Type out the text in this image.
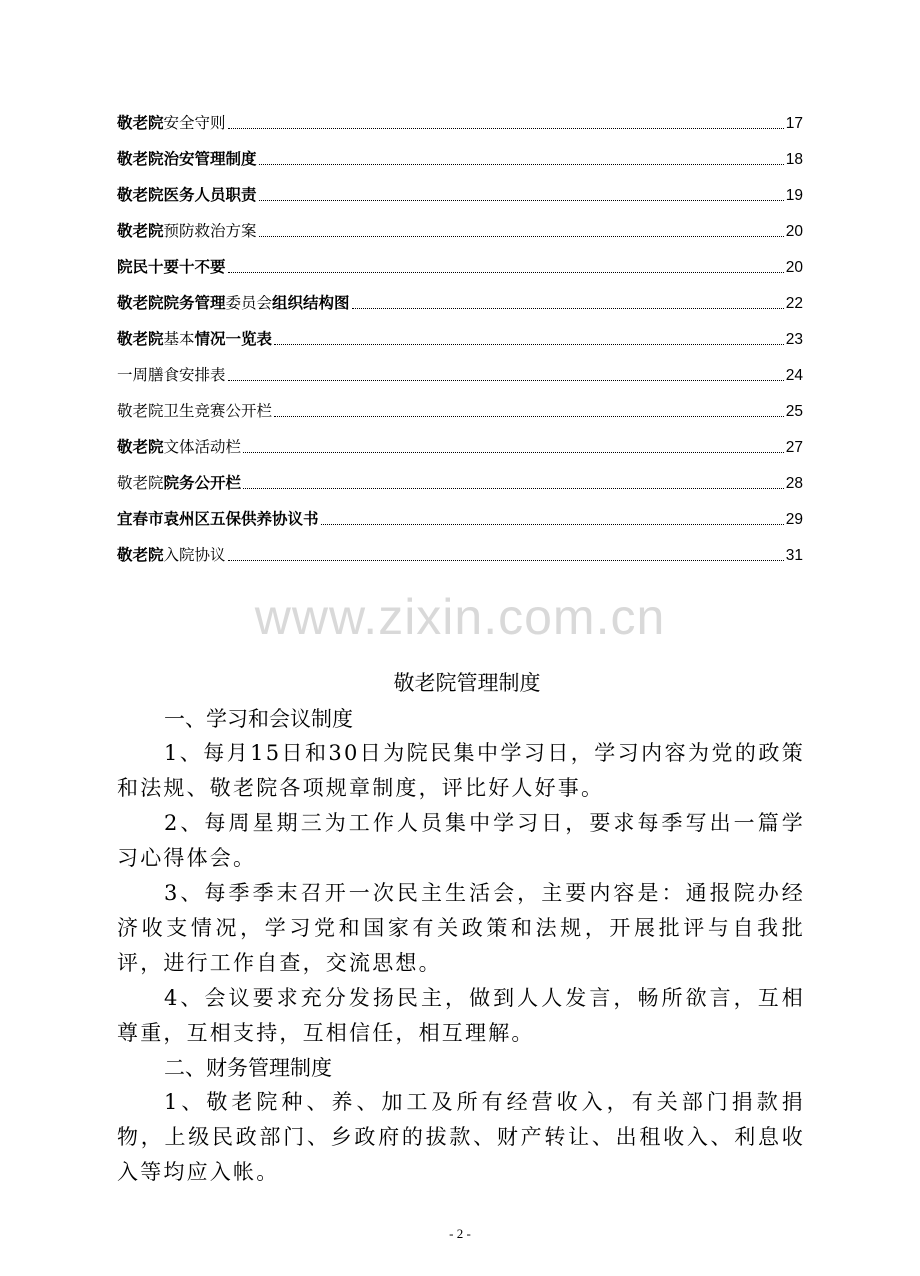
敬老院安全守则	17
敬老院治安管理制度	18
敬老院医务人员职责	19
敬老院预防救治方案	20
院民十要十不要	20
敬老院院务管理委员会组织结构图	22
敬老院基本情况一览表	23
一周膳食安排表	24
敬老院卫生竞赛公开栏	25
敬老院文体活动栏	27
敬老院院务公开栏	28
宜春市袁州区五保供养协议书	29
敬老院入院协议	31
www.zixin.com.cn
敬老院管理制度
一、学习和会议制度

1、每月15日和30日为院民集中学习日，学习内容为党的政策和法规、敬老院各项规章制度，评比好人好事。

2、每周星期三为工作人员集中学习日，要求每季写出一篇学习心得体会。

3、每季季末召开一次民主生活会，主要内容是：通报院办经济收支情况，学习党和国家有关政策和法规，开展批评与自我批评，进行工作自查，交流思想。

4、会议要求充分发扬民主，做到人人发言，畅所欲言，互相尊重，互相支持，互相信任，相互理解。

二、财务管理制度

1、敬老院种、养、加工及所有经营收入，有关部门捐款捐物，上级民政部门、乡政府的拔款、财产转让、出租收入、利息收入等均应入帐。

- 2 -
